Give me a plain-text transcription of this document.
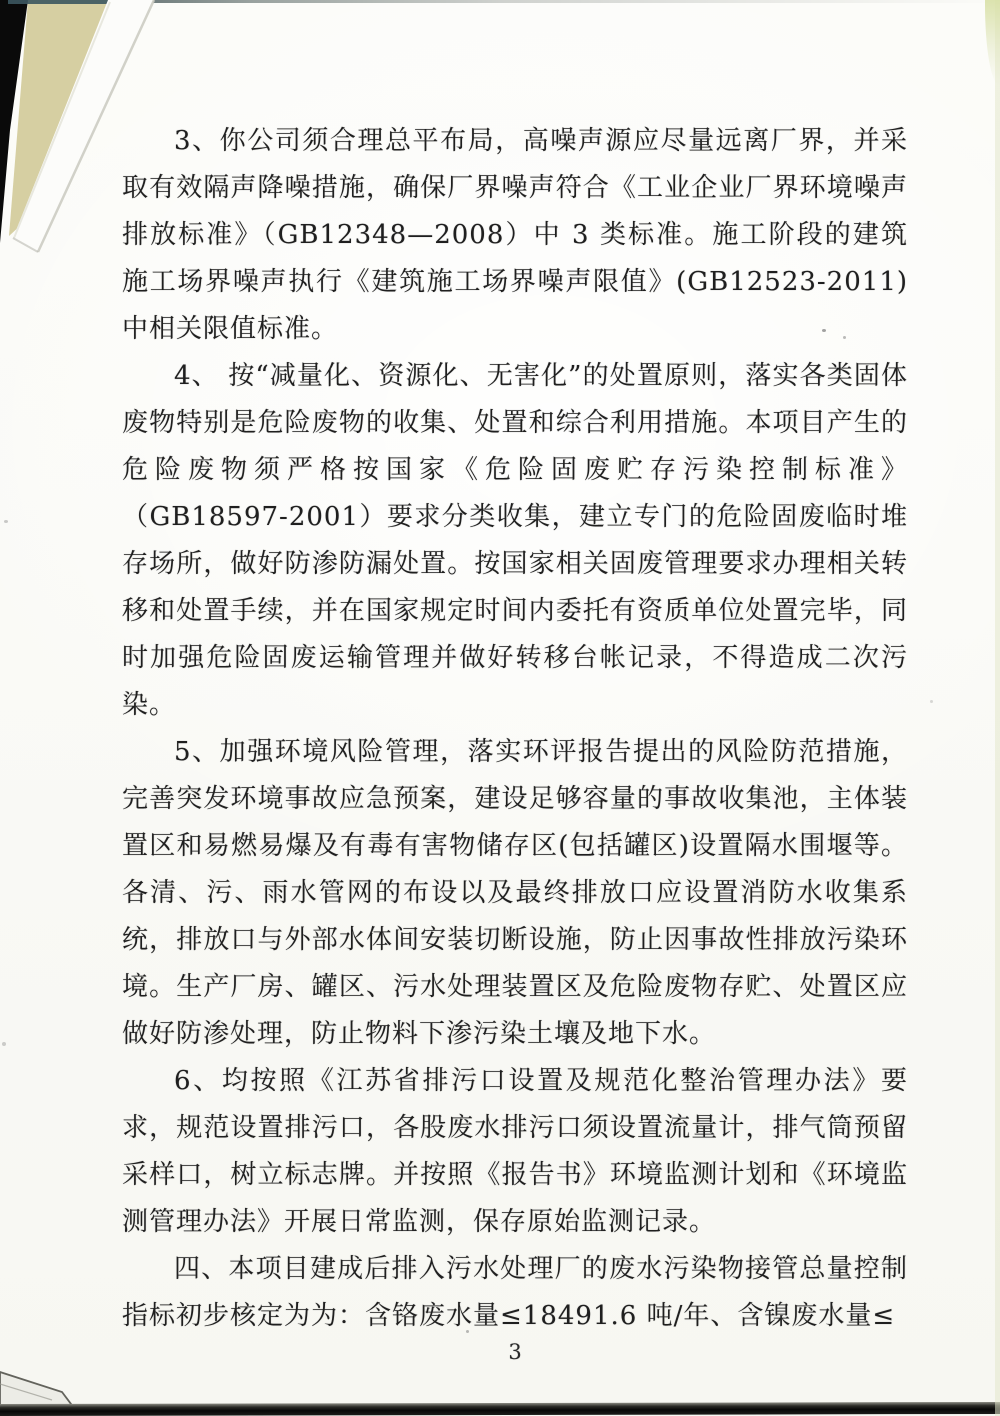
3、你公司须合理总平布局，高噪声源应尽量远离厂界，并采取有效隔声降噪措施，确保厂界噪声符合《工业企业厂界环境噪声排放标准》（GB12348—2008）中 3 类标准。施工阶段的建筑施工场界噪声执行《建筑施工场界噪声限值》(GB12523-2011)中相关限值标准。

4、 按“减量化、资源化、无害化”的处置原则，落实各类固体废物特别是危险废物的收集、处置和综合利用措施。本项目产生的危险废物须严格按国家《危险固废贮存污染控制标准》（GB18597-2001）要求分类收集，建立专门的危险固废临时堆存场所，做好防渗防漏处置。按国家相关固废管理要求办理相关转移和处置手续，并在国家规定时间内委托有资质单位处置完毕，同时加强危险固废运输管理并做好转移台帐记录，不得造成二次污染。

5、加强环境风险管理，落实环评报告提出的风险防范措施，完善突发环境事故应急预案，建设足够容量的事故收集池，主体装置区和易燃易爆及有毒有害物储存区(包括罐区)设置隔水围堰等。各清、污、雨水管网的布设以及最终排放口应设置消防水收集系统，排放口与外部水体间安装切断设施，防止因事故性排放污染环境。生产厂房、罐区、污水处理装置区及危险废物存贮、处置区应做好防渗处理，防止物料下渗污染土壤及地下水。

6、均按照《江苏省排污口设置及规范化整治管理办法》要求，规范设置排污口，各股废水排污口须设置流量计，排气筒预留采样口，树立标志牌。并按照《报告书》环境监测计划和《环境监测管理办法》开展日常监测，保存原始监测记录。

四、本项目建成后排入污水处理厂的废水污染物接管总量控制指标初步核定为为：含铬废水量≤18491.6 吨/年、含镍废水量≤

3
